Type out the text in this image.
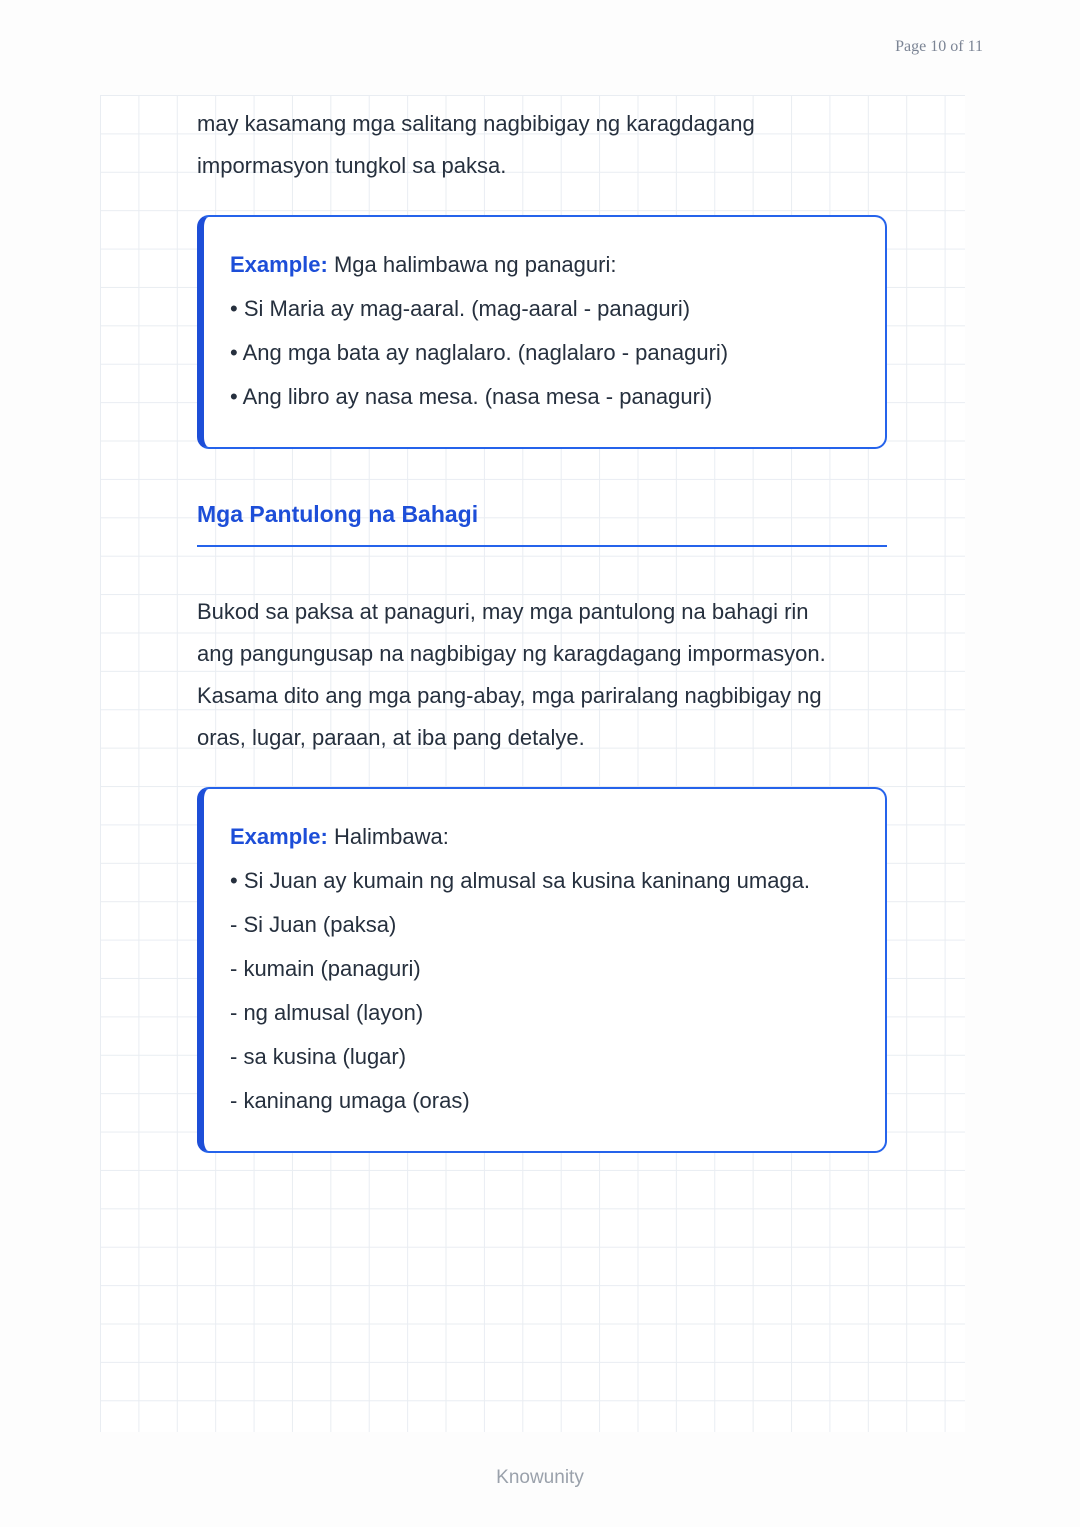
Page 10 of 11

may kasamang mga salitang nagbibigay ng karagdagang impormasyon tungkol sa paksa.

Example: Mga halimbawa ng panaguri:
• Si Maria ay mag-aaral. (mag-aaral - panaguri)
• Ang mga bata ay naglalaro. (naglalaro - panaguri)
• Ang libro ay nasa mesa. (nasa mesa - panaguri)
Mga Pantulong na Bahagi

Bukod sa paksa at panaguri, may mga pantulong na bahagi rin ang pangungusap na nagbibigay ng karagdagang impormasyon. Kasama dito ang mga pang-abay, mga pariralang nagbibigay ng oras, lugar, paraan, at iba pang detalye.

Example: Halimbawa:
• Si Juan ay kumain ng almusal sa kusina kaninang umaga.
- Si Juan (paksa)
- kumain (panaguri)
- ng almusal (layon)
- sa kusina (lugar)
- kaninang umaga (oras)
Knowunity
